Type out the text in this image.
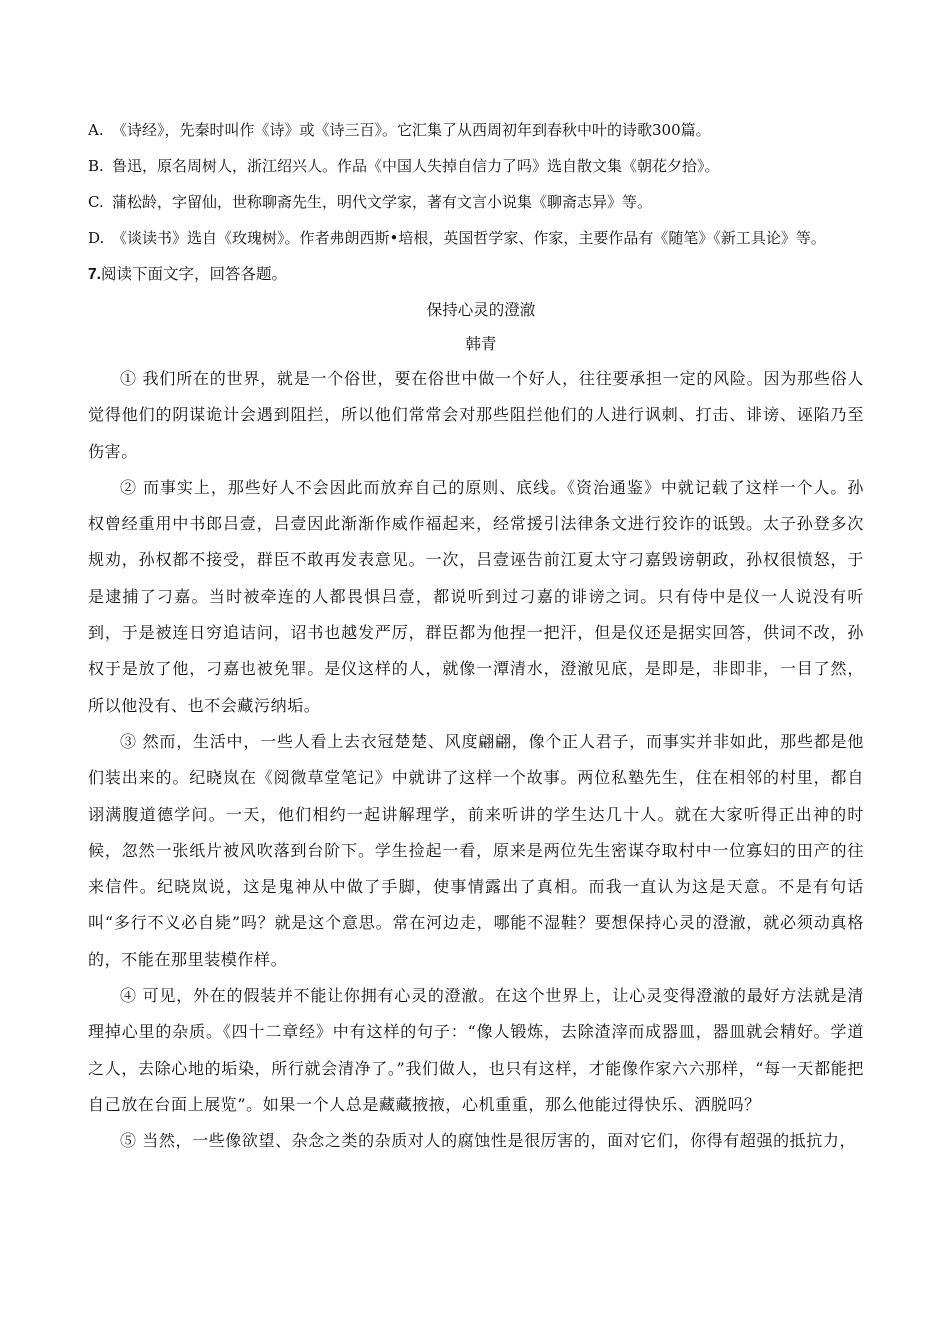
A. 《诗经》，先秦时叫作《诗》或《诗三百》。它汇集了从西周初年到春秋中叶的诗歌300篇。

B. 鲁迅，原名周树人，浙江绍兴人。作品《中国人失掉自信力了吗》选自散文集《朝花夕拾》。

C. 蒲松龄，字留仙，世称聊斋先生，明代文学家，著有文言小说集《聊斋志异》等。

D. 《谈读书》选自《玫瑰树》。作者弗朗西斯•培根，英国哲学家、作家，主要作品有《随笔》《新工具论》等。

7.阅读下面文字，回答各题。

保持心灵的澄澈

韩青

① 我们所在的世界，就是一个俗世，要在俗世中做一个好人，往往要承担一定的风险。因为那些俗人觉得他们的阴谋诡计会遇到阻拦，所以他们常常会对那些阻拦他们的人进行讽刺、打击、诽谤、诬陷乃至伤害。

② 而事实上，那些好人不会因此而放弃自己的原则、底线。《资治通鉴》中就记载了这样一个人。孙权曾经重用中书郎吕壹，吕壹因此渐渐作威作福起来，经常援引法律条文进行狡诈的诋毁。太子孙登多次规劝，孙权都不接受，群臣不敢再发表意见。一次，吕壹诬告前江夏太守刁嘉毁谤朝政，孙权很愤怒，于是逮捕了刁嘉。当时被牵连的人都畏惧吕壹，都说听到过刁嘉的诽谤之词。只有侍中是仪一人说没有听到，于是被连日穷追诘问，诏书也越发严厉，群臣都为他捏一把汗，但是仪还是据实回答，供词不改，孙权于是放了他，刁嘉也被免罪。是仪这样的人，就像一潭清水，澄澈见底，是即是，非即非，一目了然，所以他没有、也不会藏污纳垢。

③ 然而，生活中，一些人看上去衣冠楚楚、风度翩翩，像个正人君子，而事实并非如此，那些都是他们装出来的。纪晓岚在《阅微草堂笔记》中就讲了这样一个故事。两位私塾先生，住在相邻的村里，都自诩满腹道德学问。一天，他们相约一起讲解理学，前来听讲的学生达几十人。就在大家听得正出神的时候，忽然一张纸片被风吹落到台阶下。学生捡起一看，原来是两位先生密谋夺取村中一位寡妇的田产的往来信件。纪晓岚说，这是鬼神从中做了手脚，使事情露出了真相。而我一直认为这是天意。不是有句话叫“多行不义必自毙”吗？就是这个意思。常在河边走，哪能不湿鞋？要想保持心灵的澄澈，就必须动真格的，不能在那里装模作样。

④ 可见，外在的假装并不能让你拥有心灵的澄澈。在这个世界上，让心灵变得澄澈的最好方法就是清理掉心里的杂质。《四十二章经》中有这样的句子：“像人锻炼，去除渣滓而成器皿，器皿就会精好。学道之人，去除心地的垢染，所行就会清净了。”我们做人，也只有这样，才能像作家六六那样，“每一天都能把自己放在台面上展览”。如果一个人总是藏藏掖掖，心机重重，那么他能过得快乐、洒脱吗？

⑤ 当然，一些像欲望、杂念之类的杂质对人的腐蚀性是很厉害的，面对它们，你得有超强的抵抗力，
